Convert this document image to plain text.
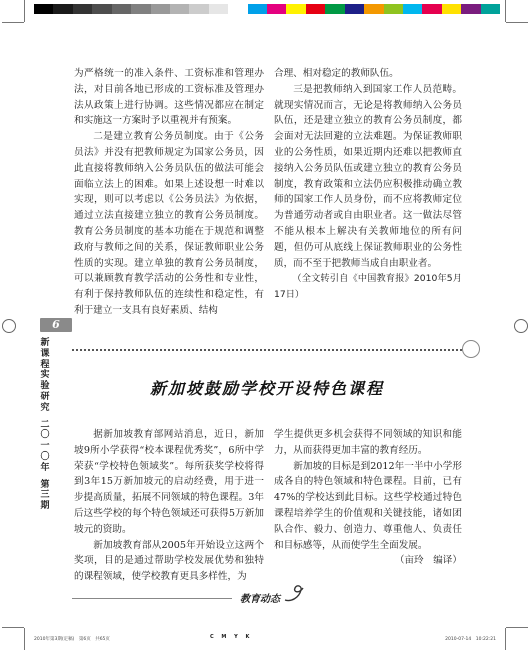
为严格统一的准入条件、工资标准和管理办法，对目前各地已形成的工资标准及管理办法从政策上进行协调。这些情况都应在制定和实施这一方案时予以重视并有预案。

二是建立教育公务员制度。由于《公务员法》并没有把教师规定为国家公务员，因此直接将教师纳入公务员队伍的做法可能会面临立法上的困难。如果上述设想一时难以实现，则可以考虑以《公务员法》为依据，通过立法直接建立独立的教育公务员制度。教育公务员制度的基本功能在于规范和调整政府与教师之间的关系，保证教师职业公务性质的实现。建立单独的教育公务员制度，可以兼顾教育教学活动的公务性和专业性，有利于保持教师队伍的连续性和稳定性，有利于建立一支具有良好素质、结构

合理、相对稳定的教师队伍。

三是把教师纳入到国家工作人员范畴。就现实情况而言，无论是将教师纳入公务员队伍，还是建立独立的教育公务员制度，都会面对无法回避的立法难题。为保证教师职业的公务性质，如果近期内还难以把教师直接纳入公务员队伍或建立独立的教育公务员制度，教育政策和立法仍应积极推动确立教师的国家工作人员身份，而不应将教师定位为普通劳动者或自由职业者。这一做法尽管不能从根本上解决有关教师地位的所有问题，但仍可从底线上保证教师职业的公务性质，而不至于把教师当成自由职业者。

（全文转引自《中国教育报》2010年5月17日）

6
新课程实验研究
二〇一〇年
第三期
新加坡鼓励学校开设特色课程

据新加坡教育部网站消息，近日，新加坡9所小学获得“校本课程优秀奖”，6所中学荣获“学校特色领域奖”。每所获奖学校将得到3年15万新加坡元的启动经费，用于进一步提高质量，拓展不同领域的特色课程。3年后这些学校的每个特色领域还可获得5万新加坡元的资助。

新加坡教育部从2005年开始设立这两个奖项，目的是通过帮助学校发展优势和独特的课程领域，使学校教育更具多样性，为

学生提供更多机会获得不同领域的知识和能力，从而获得更加丰富的教育经历。

新加坡的目标是到2012年一半中小学形成各自的特色领域和特色课程。目前，已有47%的学校达到此目标。这些学校通过特色课程培养学生的价值观和关键技能，诸如团队合作、毅力、创造力、尊重他人、负责任和目标感等，从而使学生全面发展。

（亩玲　编译）

教育动态
2010年第3期(定稿)　第6页　共65页	C M Y K	2010-07-14　10:22:21
